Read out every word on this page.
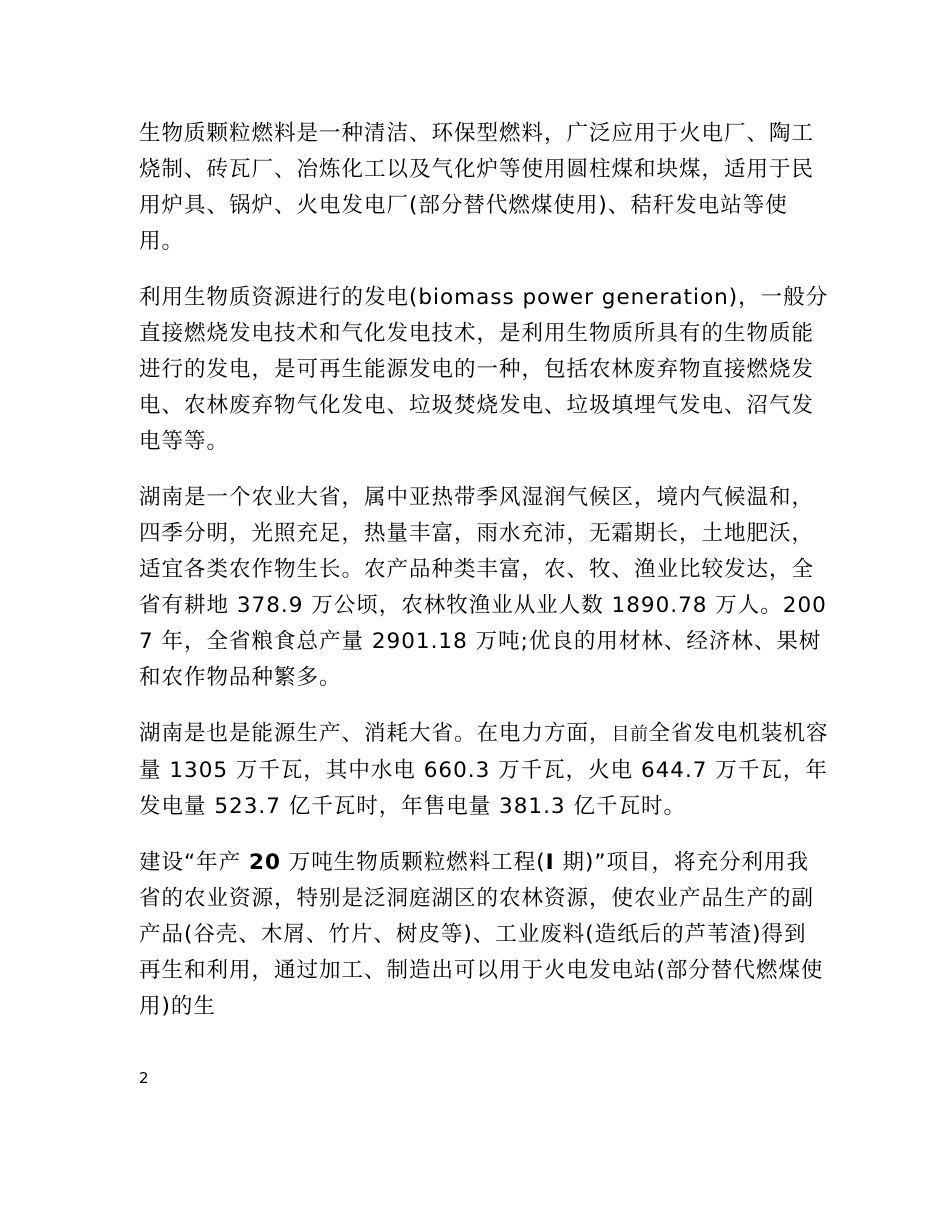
生物质颗粒燃料是一种清洁、环保型燃料，广泛应用于火电厂、陶工烧制、砖瓦厂、冶炼化工以及气化炉等使用圆柱煤和块煤，适用于民用炉具、锅炉、火电发电厂(部分替代燃煤使用)、秸秆发电站等使用。

利用生物质资源进行的发电(biomass power generation)，一般分直接燃烧发电技术和气化发电技术，是利用生物质所具有的生物质能进行的发电，是可再生能源发电的一种，包括农林废弃物直接燃烧发电、农林废弃物气化发电、垃圾焚烧发电、垃圾填埋气发电、沼气发电等等。

湖南是一个农业大省，属中亚热带季风湿润气候区，境内气候温和，四季分明，光照充足，热量丰富，雨水充沛，无霜期长，土地肥沃，适宜各类农作物生长。农产品种类丰富，农、牧、渔业比较发达，全省有耕地 378.9 万公顷，农林牧渔业从业人数 1890.78 万人。2007 年，全省粮食总产量 2901.18 万吨;优良的用材林、经济林、果树和农作物品种繁多。

湖南是也是能源生产、消耗大省。在电力方面，目前全省发电机装机容量 1305 万千瓦，其中水电 660.3 万千瓦，火电 644.7 万千瓦，年发电量 523.7 亿千瓦时，年售电量 381.3 亿千瓦时。

建设“年产 20 万吨生物质颗粒燃料工程(I 期)”项目，将充分利用我省的农业资源，特别是泛洞庭湖区的农林资源，使农业产品生产的副产品(谷壳、木屑、竹片、树皮等)、工业废料(造纸后的芦苇渣)得到再生和利用，通过加工、制造出可以用于火电发电站(部分替代燃煤使用)的生

2
